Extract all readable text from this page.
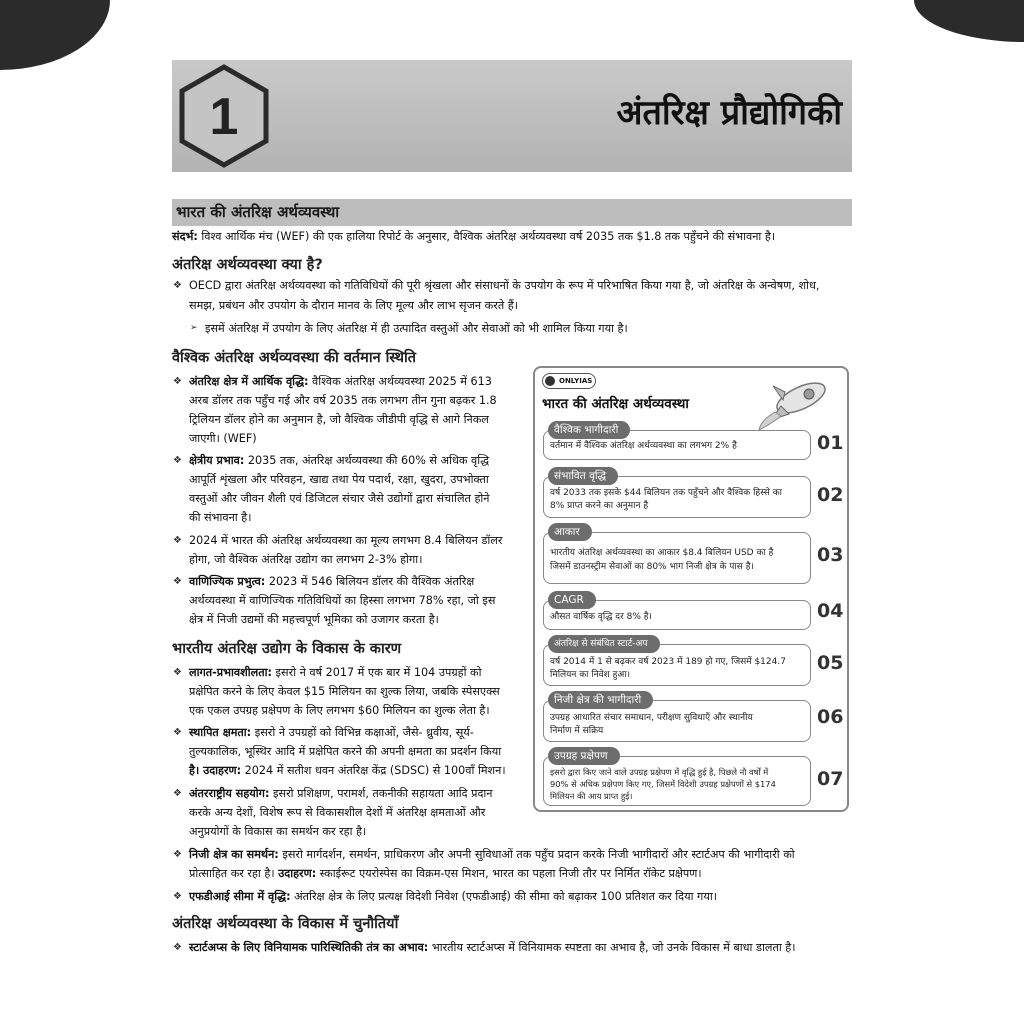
1	अंतरिक्ष प्रौद्योगिकी
भारत की अंतरिक्ष अर्थव्यवस्था
संदर्भ: विश्व आर्थिक मंच (WEF) की एक हालिया रिपोर्ट के अनुसार, वैश्विक अंतरिक्ष अर्थव्यवस्था वर्ष 2035 तक $1.8 तक पहुँचने की संभावना है।
अंतरिक्ष अर्थव्यवस्था क्या है?
❖ OECD द्वारा अंतरिक्ष अर्थव्यवस्था को गतिविधियों की पूरी श्रृंखला और संसाधनों के उपयोग के रूप में परिभाषित किया गया है, जो अंतरिक्ष के अन्वेषण, शोध,
समझ, प्रबंधन और उपयोग के दौरान मानव के लिए मूल्य और लाभ सृजन करते हैं।
➢ इसमें अंतरिक्ष में उपयोग के लिए अंतरिक्ष में ही उत्पादित वस्तुओं और सेवाओं को भी शामिल किया गया है।
वैश्विक अंतरिक्ष अर्थव्यवस्था की वर्तमान स्थिति
❖ अंतरिक्ष क्षेत्र में आर्थिक वृद्धि: वैश्विक अंतरिक्ष अर्थव्यवस्था 2025 में 613
अरब डॉलर तक पहुँच गई और वर्ष 2035 तक लगभग तीन गुना बढ़कर 1.8
ट्रिलियन डॉलर होने का अनुमान है, जो वैश्विक जीडीपी वृद्धि से आगे निकल
जाएगी। (WEF)
❖ क्षेत्रीय प्रभाव: 2035 तक, अंतरिक्ष अर्थव्यवस्था की 60% से अधिक वृद्धि
आपूर्ति शृंखला और परिवहन, खाद्य तथा पेय पदार्थ, रक्षा, खुदरा, उपभोक्ता
वस्तुओं और जीवन शैली एवं डिजिटल संचार जैसे उद्योगों द्वारा संचालित होने
की संभावना है।
❖ 2024 में भारत की अंतरिक्ष अर्थव्यवस्था का मूल्य लगभग 8.4 बिलियन डॉलर
होगा, जो वैश्विक अंतरिक्ष उद्योग का लगभग 2-3% होगा।
❖ वाणिज्यिक प्रभुत्व: 2023 में 546 बिलियन डॉलर की वैश्विक अंतरिक्ष
अर्थव्यवस्था में वाणिज्यिक गतिविधियों का हिस्सा लगभग 78% रहा, जो इस
क्षेत्र में निजी उद्यमों की महत्त्वपूर्ण भूमिका को उजागर करता है।
भारतीय अंतरिक्ष उद्योग के विकास के कारण
❖ लागत-प्रभावशीलता: इसरो ने वर्ष 2017 में एक बार में 104 उपग्रहों को
प्रक्षेपित करने के लिए केवल $15 मिलियन का शुल्क लिया, जबकि स्पेसएक्स
एक एकल उपग्रह प्रक्षेपण के लिए लगभग $60 मिलियन का शुल्क लेता है।
❖ स्थापित क्षमता: इसरो ने उपग्रहों को विभिन्न कक्षाओं, जैसे- ध्रुवीय, सूर्य-
तुल्यकालिक, भूस्थिर आदि में प्रक्षेपित करने की अपनी क्षमता का प्रदर्शन किया
है। उदाहरण: 2024 में सतीश धवन अंतरिक्ष केंद्र (SDSC) से 100वाँ मिशन।
❖ अंतरराष्ट्रीय सहयोग: इसरो प्रशिक्षण, परामर्श, तकनीकी सहायता आदि प्रदान
करके अन्य देशों, विशेष रूप से विकासशील देशों में अंतरिक्ष क्षमताओं और
अनुप्रयोगों के विकास का समर्थन कर रहा है।
❖ निजी क्षेत्र का समर्थन: इसरो मार्गदर्शन, समर्थन, प्राधिकरण और अपनी सुविधाओं तक पहुँच प्रदान करके निजी भागीदारों और स्टार्टअप की भागीदारी को
प्रोत्साहित कर रहा है। उदाहरण: स्काईरूट एयरोस्पेस का विक्रम-एस मिशन, भारत का पहला निजी तौर पर निर्मित रॉकेट प्रक्षेपण।
❖ एफडीआई सीमा में वृद्धि: अंतरिक्ष क्षेत्र के लिए प्रत्यक्ष विदेशी निवेश (एफडीआई) की सीमा को बढ़ाकर 100 प्रतिशत कर दिया गया।
अंतरिक्ष अर्थव्यवस्था के विकास में चुनौतियाँ
❖ स्टार्टअप्स के लिए विनियामक पारिस्थितिकी तंत्र का अभाव: भारतीय स्टार्टअप्स में विनियामक स्पष्टता का अभाव है, जो उनके विकास में बाधा डालता है।
ONLYIAS
भारत की अंतरिक्ष अर्थव्यवस्था
वैश्विक भागीदारी
वर्तमान में वैश्विक अंतरिक्ष अर्थव्यवस्था का लगभग 2% है	01
संभावित वृद्धि
वर्ष 2033 तक इसके $44 बिलियन तक पहुँचने और वैश्विक हिस्से का
8% प्राप्त करने का अनुमान है	02
आकार
भारतीय अंतरिक्ष अर्थव्यवस्था का आकार $8.4 बिलियन USD का है
जिसमें डाउनस्ट्रीम सेवाओं का 80% भाग निजी क्षेत्र के पास है।
03
CAGR
औसत वार्षिक वृद्धि दर 8% है।	04
अंतरिक्ष से संबंधित स्टार्ट-अप
वर्ष 2014 में 1 से बढ़कर वर्ष 2023 में 189 हो गए, जिसमें $124.7
मिलियन का निवेश हुआ।
05
निजी क्षेत्र की भागीदारी
उपग्रह आधारित संचार समाधान, परीक्षण सुविधाएँ और स्थानीय
निर्माण में सक्रिय
06
उपग्रह प्रक्षेपण
इसरो द्वारा किए जाने वाले उपग्रह प्रक्षेपण में वृद्धि हुई है, पिछले नौ वर्षों में
90% से अधिक प्रक्षेपण किए गए, जिसमें विदेशी उपग्रह प्रक्षेपणों से $174
मिलियन की आय प्राप्त हुई।
07
